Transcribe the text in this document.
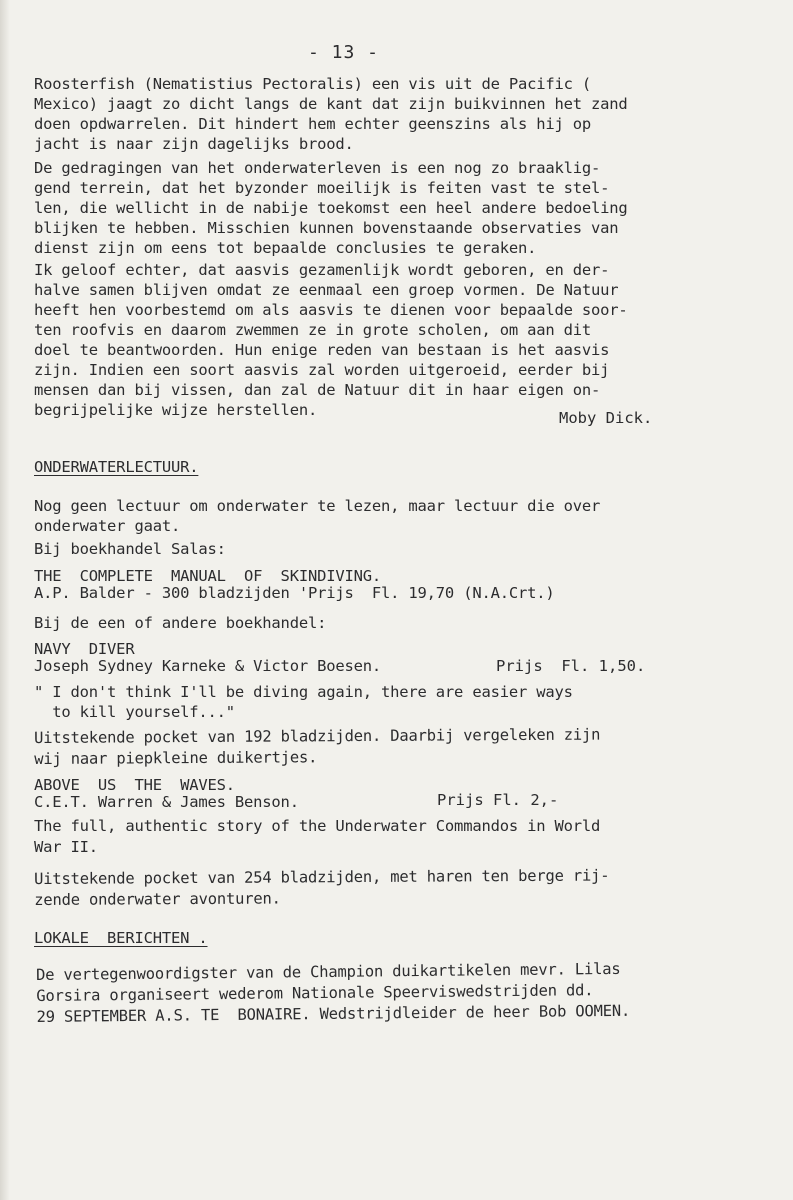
- 13 -

Roosterfish (Nematistius Pectoralis) een vis uit de Pacific (
Mexico) jaagt zo dicht langs de kant dat zijn buikvinnen het zand
doen opdwarrelen. Dit hindert hem echter geenszins als hij op
jacht is naar zijn dagelijks brood.

De gedragingen van het onderwaterleven is een nog zo braaklig-
gend terrein, dat het byzonder moeilijk is feiten vast te stel-
len, die wellicht in de nabije toekomst een heel andere bedoeling
blijken te hebben. Misschien kunnen bovenstaande observaties van
dienst zijn om eens tot bepaalde conclusies te geraken.

Ik geloof echter, dat aasvis gezamenlijk wordt geboren, en der-
halve samen blijven omdat ze eenmaal een groep vormen. De Natuur
heeft hen voorbestemd om als aasvis te dienen voor bepaalde soor-
ten roofvis en daarom zwemmen ze in grote scholen, om aan dit
doel te beantwoorden. Hun enige reden van bestaan is het aasvis
zijn. Indien een soort aasvis zal worden uitgeroeid, eerder bij
mensen dan bij vissen, dan zal de Natuur dit in haar eigen on-
begrijpelijke wijze herstellen.	Moby Dick.
ONDERWATERLECTUUR.

Nog geen lectuur om onderwater te lezen, maar lectuur die over
onderwater gaat.

Bij boekhandel Salas:
THE  COMPLETE  MANUAL  OF  SKINDIVING.
A.P. Balder - 300 bladzijden 'Prijs  Fl. 19,70 (N.A.Crt.)
Bij de een of andere boekhandel:
NAVY  DIVER
Joseph Sydney Karneke & Victor Boesen.	Prijs  Fl. 1,50.

" I don't think I'll be diving again, there are easier ways
to kill yourself..."

Uitstekende pocket van 192 bladzijden. Daarbij vergeleken zijn
wij naar piepkleine duikertjes.

ABOVE  US  THE  WAVES.
C.E.T. Warren & James Benson.	Prijs Fl. 2,-

The full, authentic story of the Underwater Commandos in World
War II.

Uitstekende pocket van 254 bladzijden, met haren ten berge rij-
zende onderwater avonturen.

LOKALE  BERICHTEN .

De vertegenwoordigster van de Champion duikartikelen mevr. Lilas
Gorsira organiseert wederom Nationale Speerviswedstrijden dd.
29 SEPTEMBER A.S. TE  BONAIRE. Wedstrijdleider de heer Bob OOMEN.
